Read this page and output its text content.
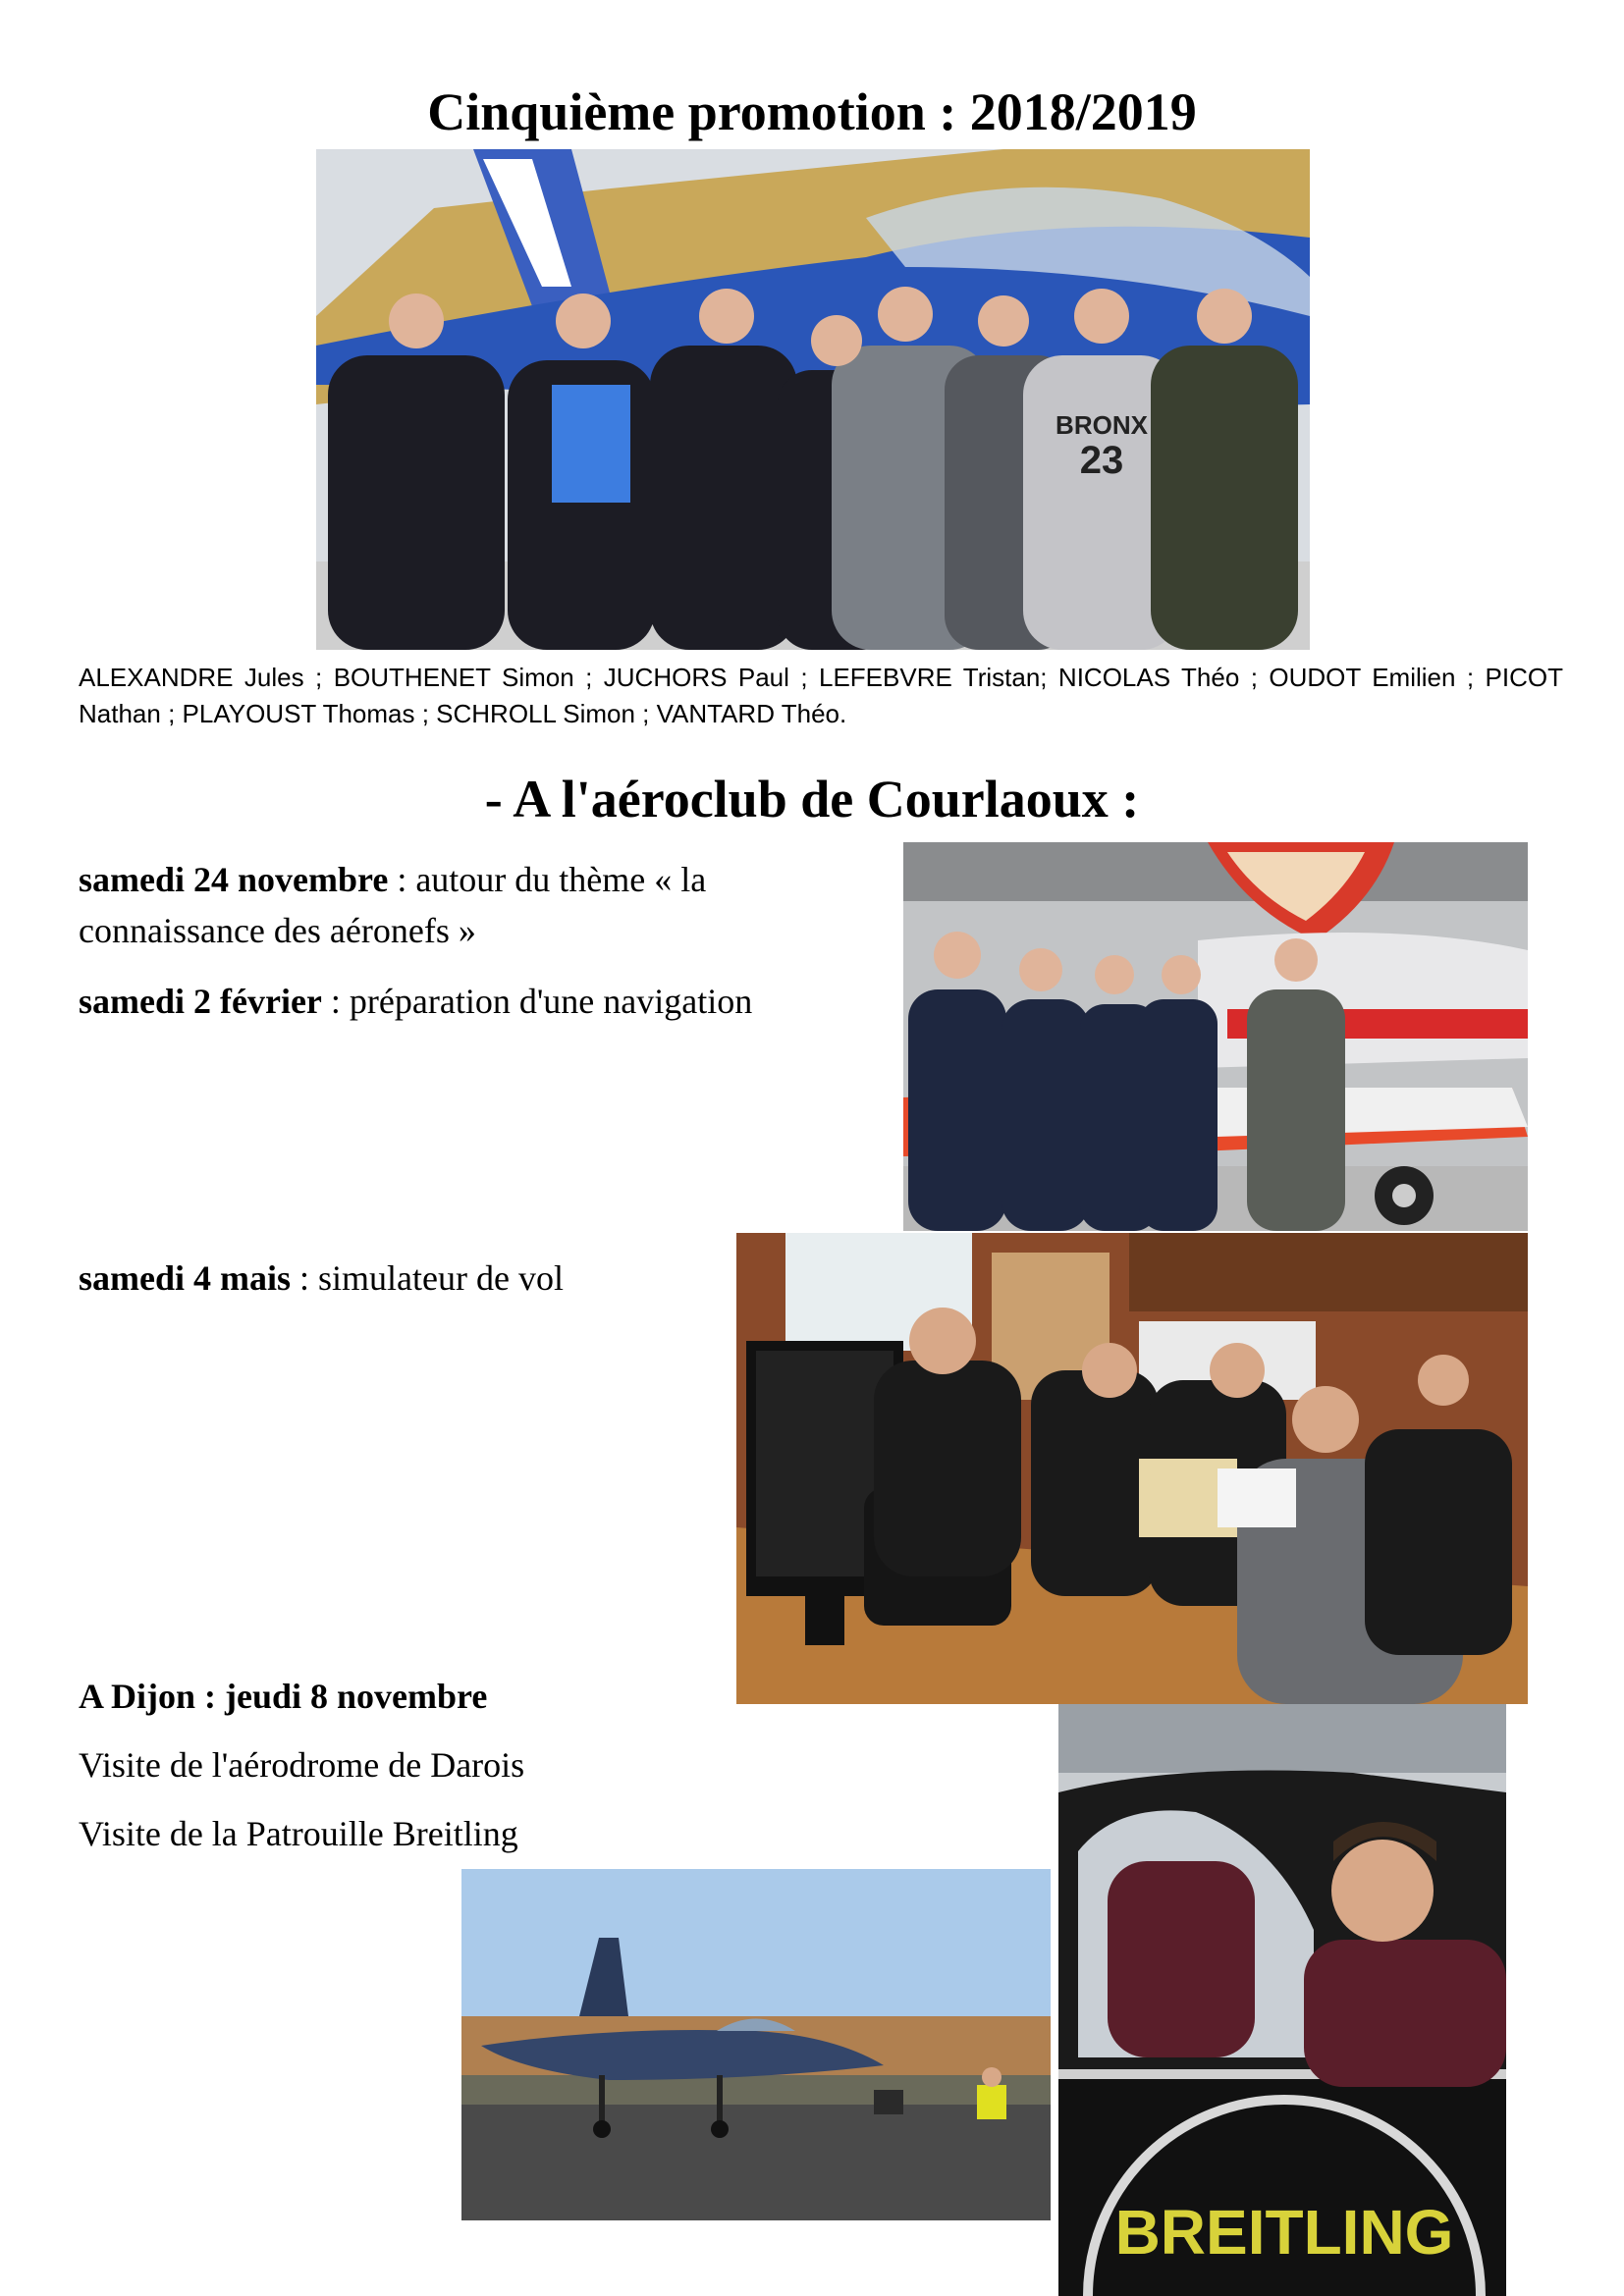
Cinquième promotion : 2018/2019
BRONX
23
ALEXANDRE Jules ; BOUTHENET Simon ; JUCHORS Paul ; LEFEBVRE Tristan; NICOLAS Théo ; OUDOT Emilien ; PICOT Nathan ; PLAYOUST Thomas ; SCHROLL Simon ; VANTARD Théo.
- A l'aéroclub de Courlaoux :
samedi 24 novembre : autour du thème « la connaissance des aéronefs »
samedi 2 février : préparation d'une navigation
samedi 4 mais : simulateur de vol
A Dijon : jeudi 8 novembre
Visite de l'aérodrome de Darois
Visite de la Patrouille Breitling
BREITLING
